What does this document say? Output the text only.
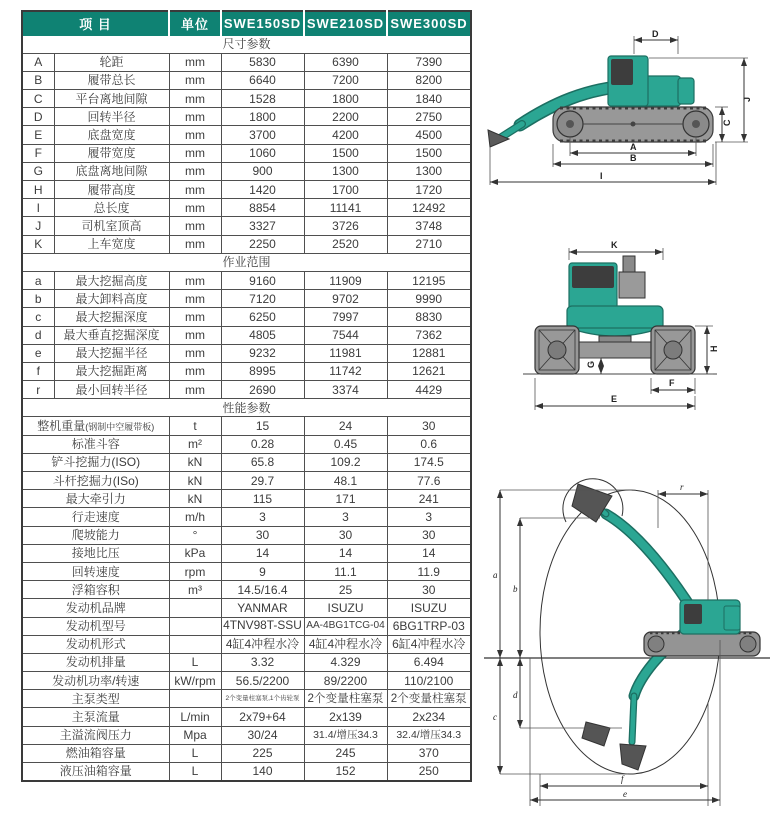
项 目		单位	SWE150SD	SWE210SD	SWE300SD
尺寸参数					
A	轮距	mm	5830	6390	7390
B	履带总长	mm	6640	7200	8200
C	平台离地间隙	mm	1528	1800	1840
D	回转半径	mm	1800	2200	2750
E	底盘宽度	mm	3700	4200	4500
F	履带宽度	mm	1060	1500	1500
G	底盘离地间隙	mm	900	1300	1300
H	履带高度	mm	1420	1700	1720
I	总长度	mm	8854	11141	12492
J	司机室顶高	mm	3327	3726	3748
K	上车宽度	mm	2250	2520	2710
作业范围					
a	最大挖掘高度	mm	9160	11909	12195
b	最大卸料高度	mm	7120	9702	9990
c	最大挖掘深度	mm	6250	7997	8830
d	最大垂直挖掘深度	mm	4805	7544	7362
e	最大挖掘半径	mm	9232	11981	12881
f	最大挖掘距离	mm	8995	11742	12621
r	最小回转半径	mm	2690	3374	4429
性能参数					
整机重量(钢制中空履带板)		t	15	24	30
标准斗容		m²	0.28	0.45	0.6
铲斗挖掘力(ISO)		kN	65.8	109.2	174.5
斗杆挖掘力(ISo)		kN	29.7	48.1	77.6
最大牵引力		kN	115	171	241
行走速度		m/h	3	3	3
爬坡能力		°	30	30	30
接地比压		kPa	14	14	14
回转速度		rpm	9	11.1	11.9
浮箱容积		m³	14.5/16.4	25	30
发动机品牌			YANMAR	ISUZU	ISUZU
发动机型号			4TNV98T-SSU	AA-4BG1TCG-04	6BG1TRP-03
发动机形式			4缸4冲程水冷	4缸4冲程水冷	6缸4冲程水冷
发动机排量		L	3.32	4.329	6.494
发动机功率/转速		kW/rpm	56.5/2200	89/2200	110/2100
主泵类型			2个变量柱塞泵,1个齿轮泵	2个变量柱塞泵	2个变量柱塞泵
主泵流量		L/min	2x79+64	2x139	2x234
主溢流阀压力		Mpa	30/24	31.4/增压34.3	32.4/增压34.3
燃油箱容量		L	225	245	370
液压油箱容量		L	140	152	250
D
J
C
A
B
I
K
H
G
F
E
r
a
b
d
c
f
e
